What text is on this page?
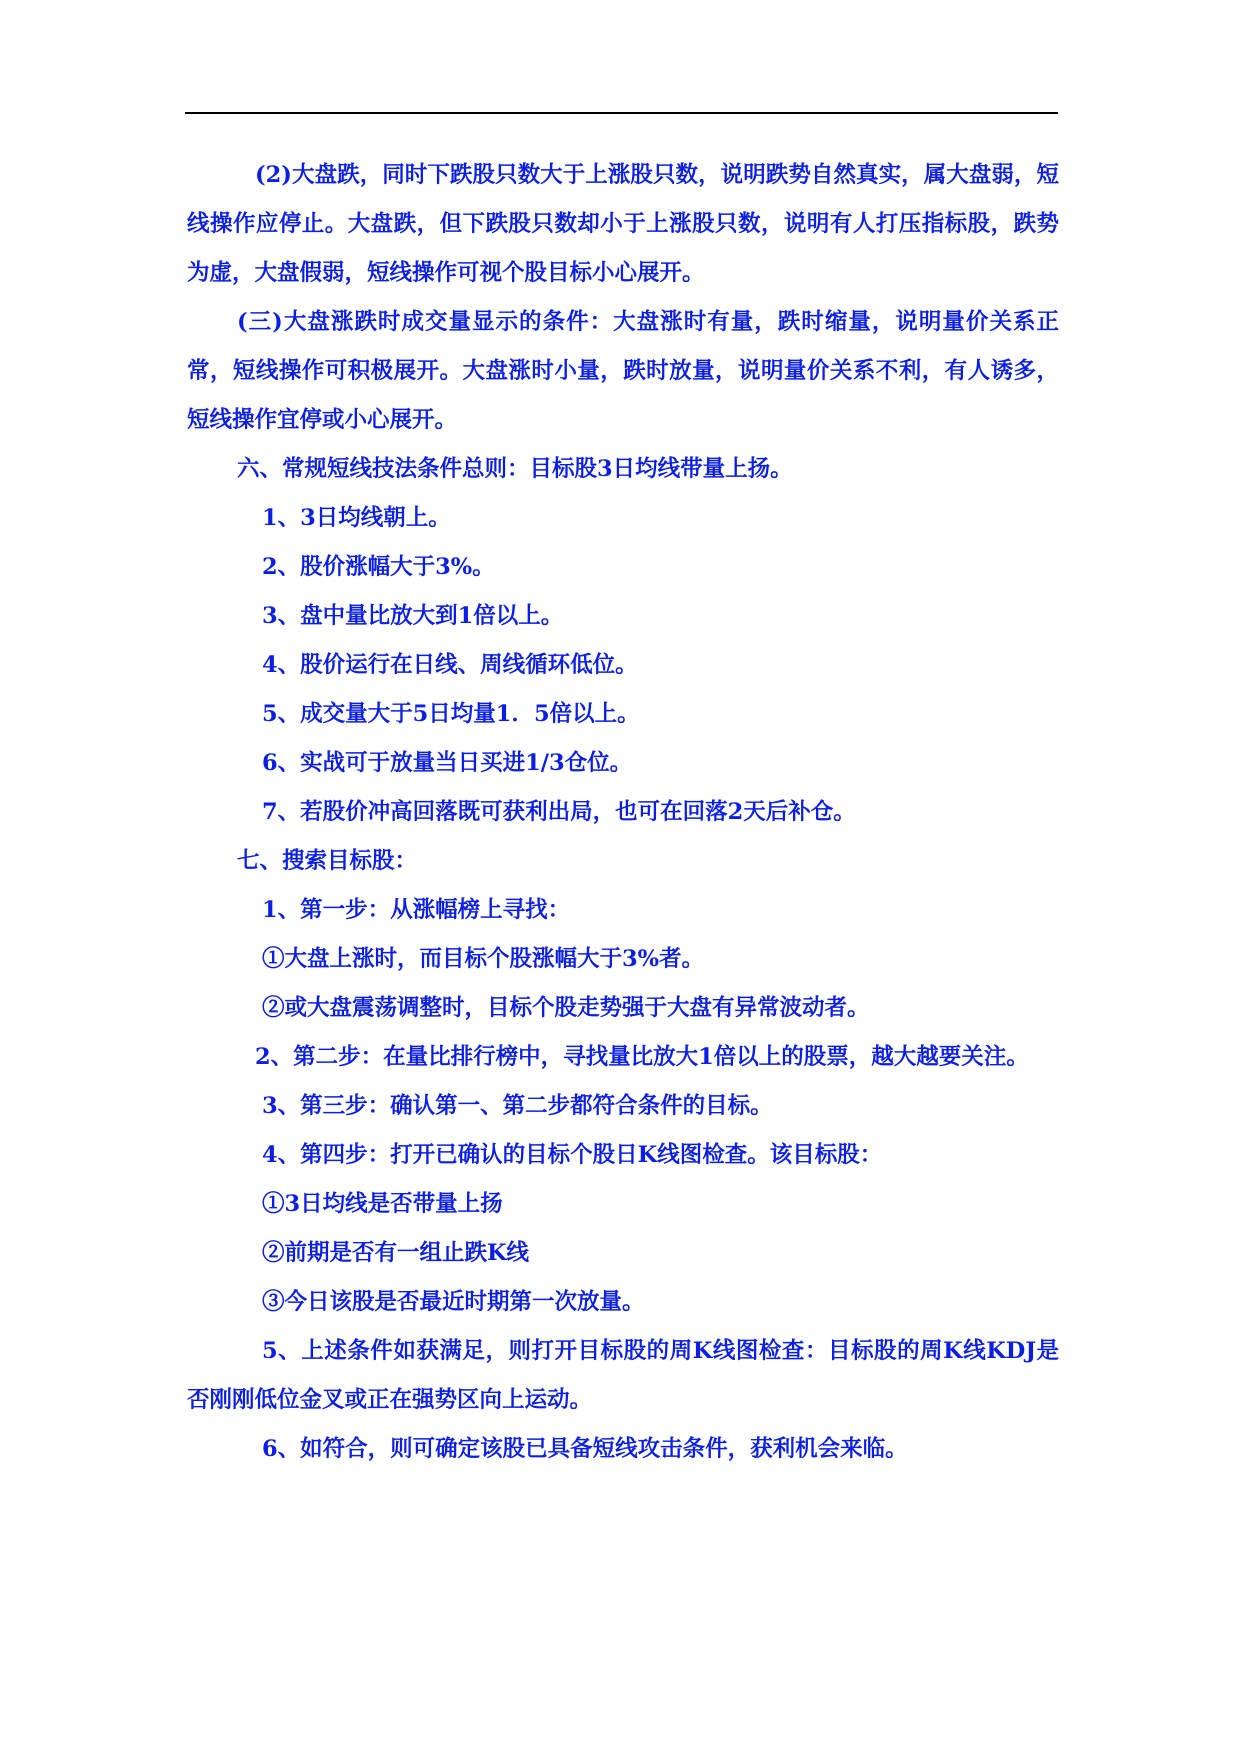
(2)大盘跌，同时下跌股只数大于上涨股只数，说明跌势自然真实，属大盘弱，短线操作应停止。大盘跌，但下跌股只数却小于上涨股只数，说明有人打压指标股，跌势为虚，大盘假弱，短线操作可视个股目标小心展开。

(三)大盘涨跌时成交量显示的条件：大盘涨时有量，跌时缩量，说明量价关系正常，短线操作可积极展开。大盘涨时小量，跌时放量，说明量价关系不利，有人诱多，短线操作宜停或小心展开。

六、常规短线技法条件总则：目标股3日均线带量上扬。

1、3日均线朝上。

2、股价涨幅大于3%。

3、盘中量比放大到1倍以上。

4、股价运行在日线、周线循环低位。

5、成交量大于5日均量1．5倍以上。

6、实战可于放量当日买进1/3仓位。

7、若股价冲高回落既可获利出局，也可在回落2天后补仓。

七、搜索目标股：

1、第一步：从涨幅榜上寻找：

①大盘上涨时，而目标个股涨幅大于3%者。

②或大盘震荡调整时，目标个股走势强于大盘有异常波动者。

2、第二步：在量比排行榜中，寻找量比放大1倍以上的股票，越大越要关注。

3、第三步：确认第一、第二步都符合条件的目标。

4、第四步：打开已确认的目标个股日K线图检查。该目标股：

①3日均线是否带量上扬

②前期是否有一组止跌K线

③今日该股是否最近时期第一次放量。

5、上述条件如获满足，则打开目标股的周K线图检查：目标股的周K线KDJ是否刚刚低位金叉或正在强势区向上运动。

6、如符合，则可确定该股已具备短线攻击条件，获利机会来临。
